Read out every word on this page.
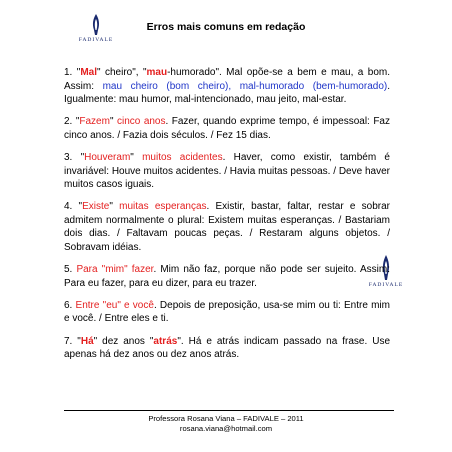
FADIVALE
Erros mais comuns em redação
FADIVALE

1. "Mal" cheiro", "mau-humorado". Mal opõe-se a bem e mau, a bom. Assim: mau cheiro (bom cheiro), mal-humorado (bem-humorado). Igualmente: mau humor, mal-intencionado, mau jeito, mal-estar.

2. "Fazem" cinco anos. Fazer, quando exprime tempo, é impessoal: Faz cinco anos. / Fazia dois séculos. / Fez 15 dias.

3. "Houveram" muitos acidentes. Haver, como existir, também é invariável: Houve muitos acidentes. / Havia muitas pessoas. / Deve haver muitos casos iguais.

4. "Existe" muitas esperanças. Existir, bastar, faltar, restar e sobrar admitem normalmente o plural: Existem muitas esperanças. / Bastariam dois dias. / Faltavam poucas peças. / Restaram alguns objetos. / Sobravam idéias.

5. Para "mim" fazer. Mim não faz, porque não pode ser sujeito. Assim: Para eu fazer, para eu dizer, para eu trazer.

6. Entre "eu" e você. Depois de preposição, usa-se mim ou ti: Entre mim e você. / Entre eles e ti.

7. "Há" dez anos "atrás". Há e atrás indicam passado na frase. Use apenas há dez anos ou dez anos atrás.

Professora Rosana Viana – FADIVALE – 2011
rosana.viana@hotmail.com
